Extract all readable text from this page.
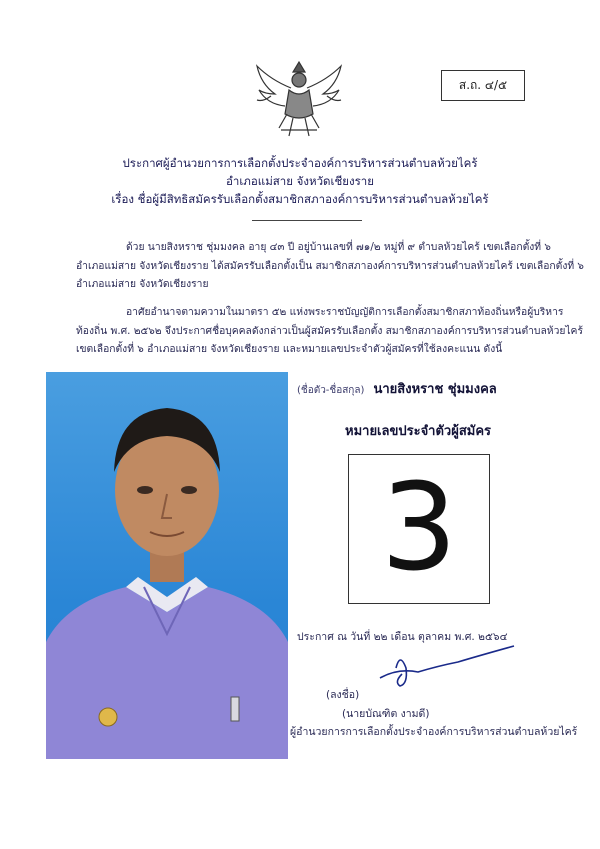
ส.ถ. ๔/๕
ประกาศผู้อำนวยการการเลือกตั้งประจำองค์การบริหารส่วนตำบลห้วยไคร้
อำเภอแม่สาย จังหวัดเชียงราย
เรื่อง ชื่อผู้มีสิทธิสมัครรับเลือกตั้งสมาชิกสภาองค์การบริหารส่วนตำบลห้วยไคร้
ด้วย นายสิงหราช ชุ่มมงคล อายุ ๔๓ ปี อยู่บ้านเลขที่ ๗๑/๒ หมู่ที่ ๙ ตำบลห้วยไคร้ เขตเลือกตั้งที่ ๖
อำเภอแม่สาย จังหวัดเชียงราย ได้สมัครรับเลือกตั้งเป็น สมาชิกสภาองค์การบริหารส่วนตำบลห้วยไคร้ เขตเลือกตั้งที่ ๖
อำเภอแม่สาย จังหวัดเชียงราย
อาศัยอำนาจตามความในมาตรา ๕๒ แห่งพระราชบัญญัติการเลือกตั้งสมาชิกสภาท้องถิ่นหรือผู้บริหาร
ท้องถิ่น พ.ศ. ๒๕๖๒ จึงประกาศชื่อบุคคลดังกล่าวเป็นผู้สมัครรับเลือกตั้ง สมาชิกสภาองค์การบริหารส่วนตำบลห้วยไคร้
เขตเลือกตั้งที่ ๖ อำเภอแม่สาย จังหวัดเชียงราย และหมายเลขประจำตัวผู้สมัครที่ใช้ลงคะแนน ดังนี้
(ชื่อตัว-ชื่อสกุล) นายสิงหราช ชุ่มมงคล
หมายเลขประจำตัวผู้สมัคร
3
ประกาศ ณ วันที่ ๒๒ เดือน ตุลาคม พ.ศ. ๒๕๖๔
(ลงชื่อ)
(นายบัณฑิต งามดี)
ผู้อำนวยการการเลือกตั้งประจำองค์การบริหารส่วนตำบลห้วยไคร้
